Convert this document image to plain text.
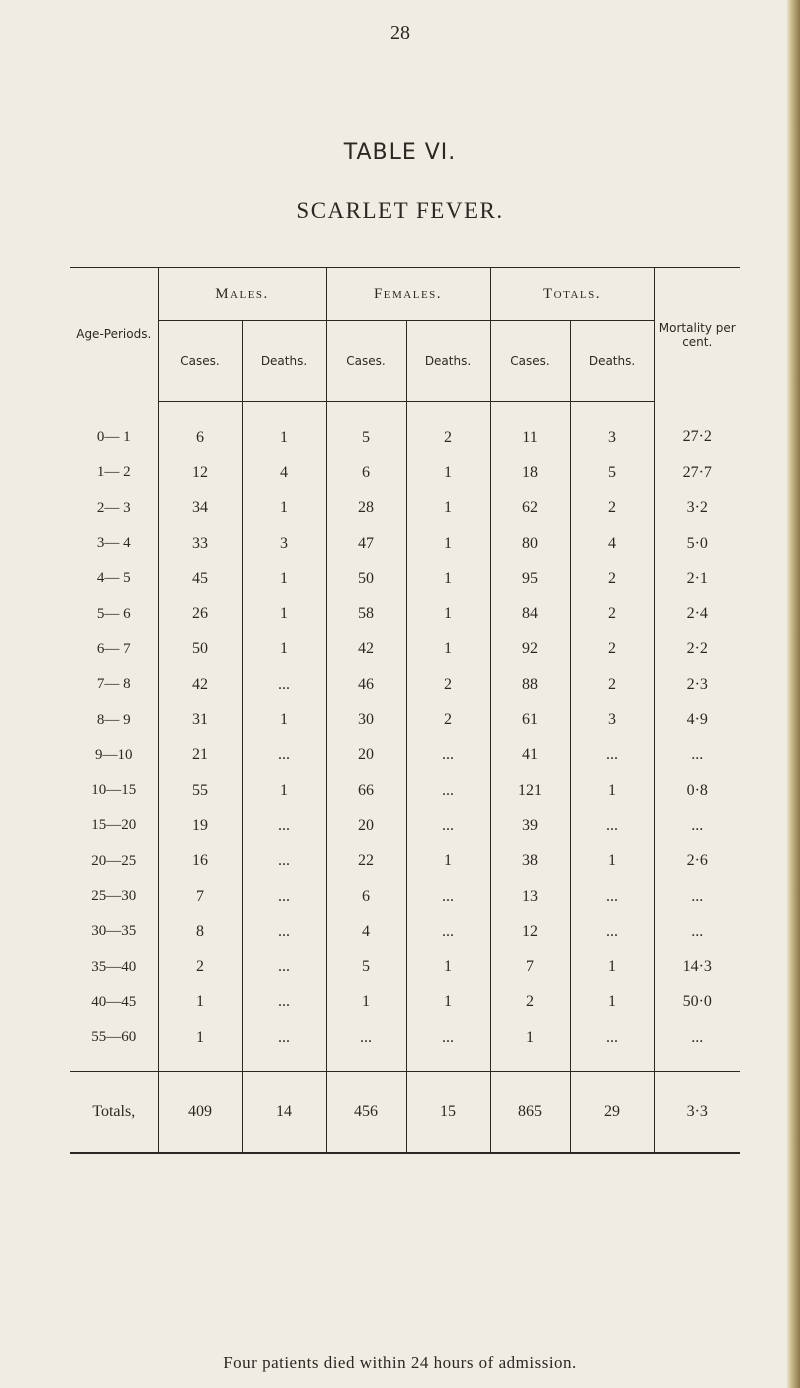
28
TABLE VI.
SCARLET FEVER.
Age-Periods.	Males.		Females.		Totals.		Mortality per cent.
	Cases.	Deaths.	Cases.	Deaths.	Cases.	Deaths.	
0— 1	6	1	5	2	11	3	27·2
1— 2	12	4	6	1	18	5	27·7
2— 3	34	1	28	1	62	2	3·2
3— 4	33	3	47	1	80	4	5·0
4— 5	45	1	50	1	95	2	2·1
5— 6	26	1	58	1	84	2	2·4
6— 7	50	1	42	1	92	2	2·2
7— 8	42	...	46	2	88	2	2·3
8— 9	31	1	30	2	61	3	4·9
9—10	21	...	20	...	41	...	...
10—15	55	1	66	...	121	1	0·8
15—20	19	...	20	...	39	...	...
20—25	16	...	22	1	38	1	2·6
25—30	7	...	6	...	13	...	...
30—35	8	...	4	...	12	...	...
35—40	2	...	5	1	7	1	14·3
40—45	1	...	1	1	2	1	50·0
55—60	1	...	...	...	1	...	...
Totals,	409	14	456	15	865	29	3·3
Four patients died within 24 hours of admission.
